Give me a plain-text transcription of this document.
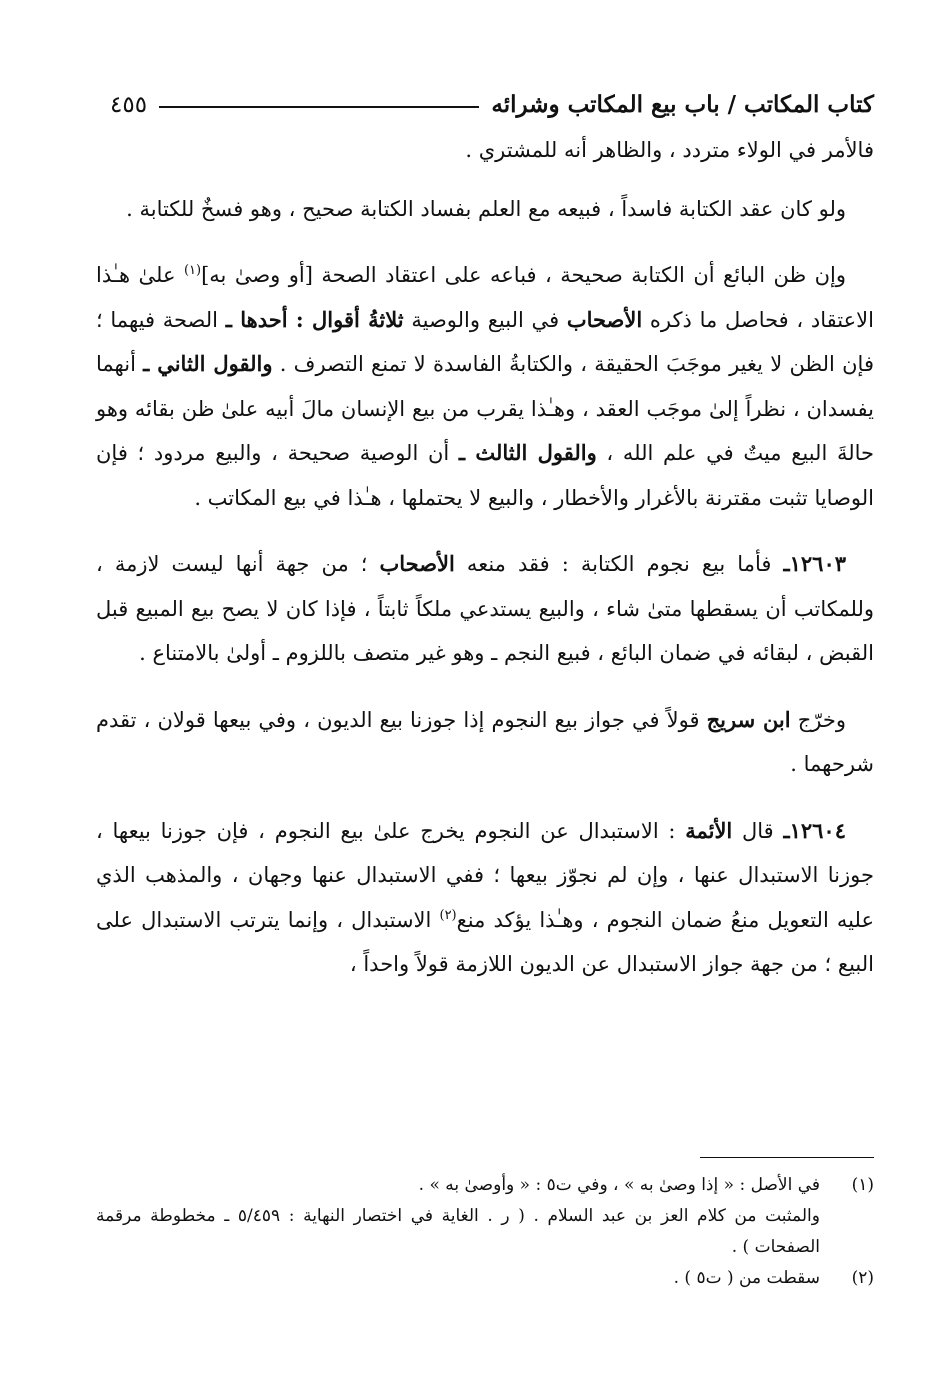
كتاب المكاتب / باب بيع المكاتب وشرائه
٤٥٥

فالأمر في الولاء متردد ، والظاهر أنه للمشتري .

ولو كان عقد الكتابة فاسداً ، فبيعه مع العلم بفساد الكتابة صحيح ، وهو فسخٌ للكتابة .

وإن ظن البائع أن الكتابة صحيحة ، فباعه على اعتقاد الصحة [أو وصىٰ به]$^{(١)}$ علىٰ هـٰذا الاعتقاد ، فحاصل ما ذكره الأصحاب في البيع والوصية ثلاثةُ أقوال : أحدها ـ الصحة فيهما ؛ فإن الظن لا يغير موجَبَ الحقيقة ، والكتابةُ الفاسدة لا تمنع التصرف . والقول الثاني ـ أنهما يفسدان ، نظراً إلىٰ موجَب العقد ، وهـٰذا يقرب من بيع الإنسان مالَ أبيه علىٰ ظن بقائه وهو حالةَ البيع ميتٌ في علم الله ، والقول الثالث ـ أن الوصية صحيحة ، والبيع مردود ؛ فإن الوصايا تثبت مقترنة بالأغرار والأخطار ، والبيع لا يحتملها ، هـٰذا في بيع المكاتب .

١٢٦٠٣ـ فأما بيع نجوم الكتابة : فقد منعه الأصحاب ؛ من جهة أنها ليست لازمة ، وللمكاتب أن يسقطها متىٰ شاء ، والبيع يستدعي ملكاً ثابتاً ، فإذا كان لا يصح بيع المبيع قبل القبض ، لبقائه في ضمان البائع ، فبيع النجم ـ وهو غير متصف باللزوم ـ أولىٰ بالامتناع .

وخرّج ابن سريج قولاً في جواز بيع النجوم إذا جوزنا بيع الديون ، وفي بيعها قولان ، تقدم شرحهما .

١٢٦٠٤ـ قال الأئمة : الاستبدال عن النجوم يخرج علىٰ بيع النجوم ، فإن جوزنا بيعها ، جوزنا الاستبدال عنها ، وإن لم نجوّز بيعها ؛ ففي الاستبدال عنها وجهان ، والمذهب الذي عليه التعويل منعُ ضمان النجوم ، وهـٰذا يؤكد منع$^{(٢)}$ الاستبدال ، وإنما يترتب الاستبدال على البيع ؛ من جهة جواز الاستبدال عن الديون اللازمة قولاً واحداً ،

(١)
في الأصل : « إذا وصىٰ به » ، وفي ت٥ : « وأوصىٰ به » .
والمثبت من كلام العز بن عبد السلام . ( ر . الغاية في اختصار النهاية : ٥/٤٥٩ ـ مخطوطة مرقمة الصفحات ) .
(٢)
سقطت من ( ت٥ ) .
